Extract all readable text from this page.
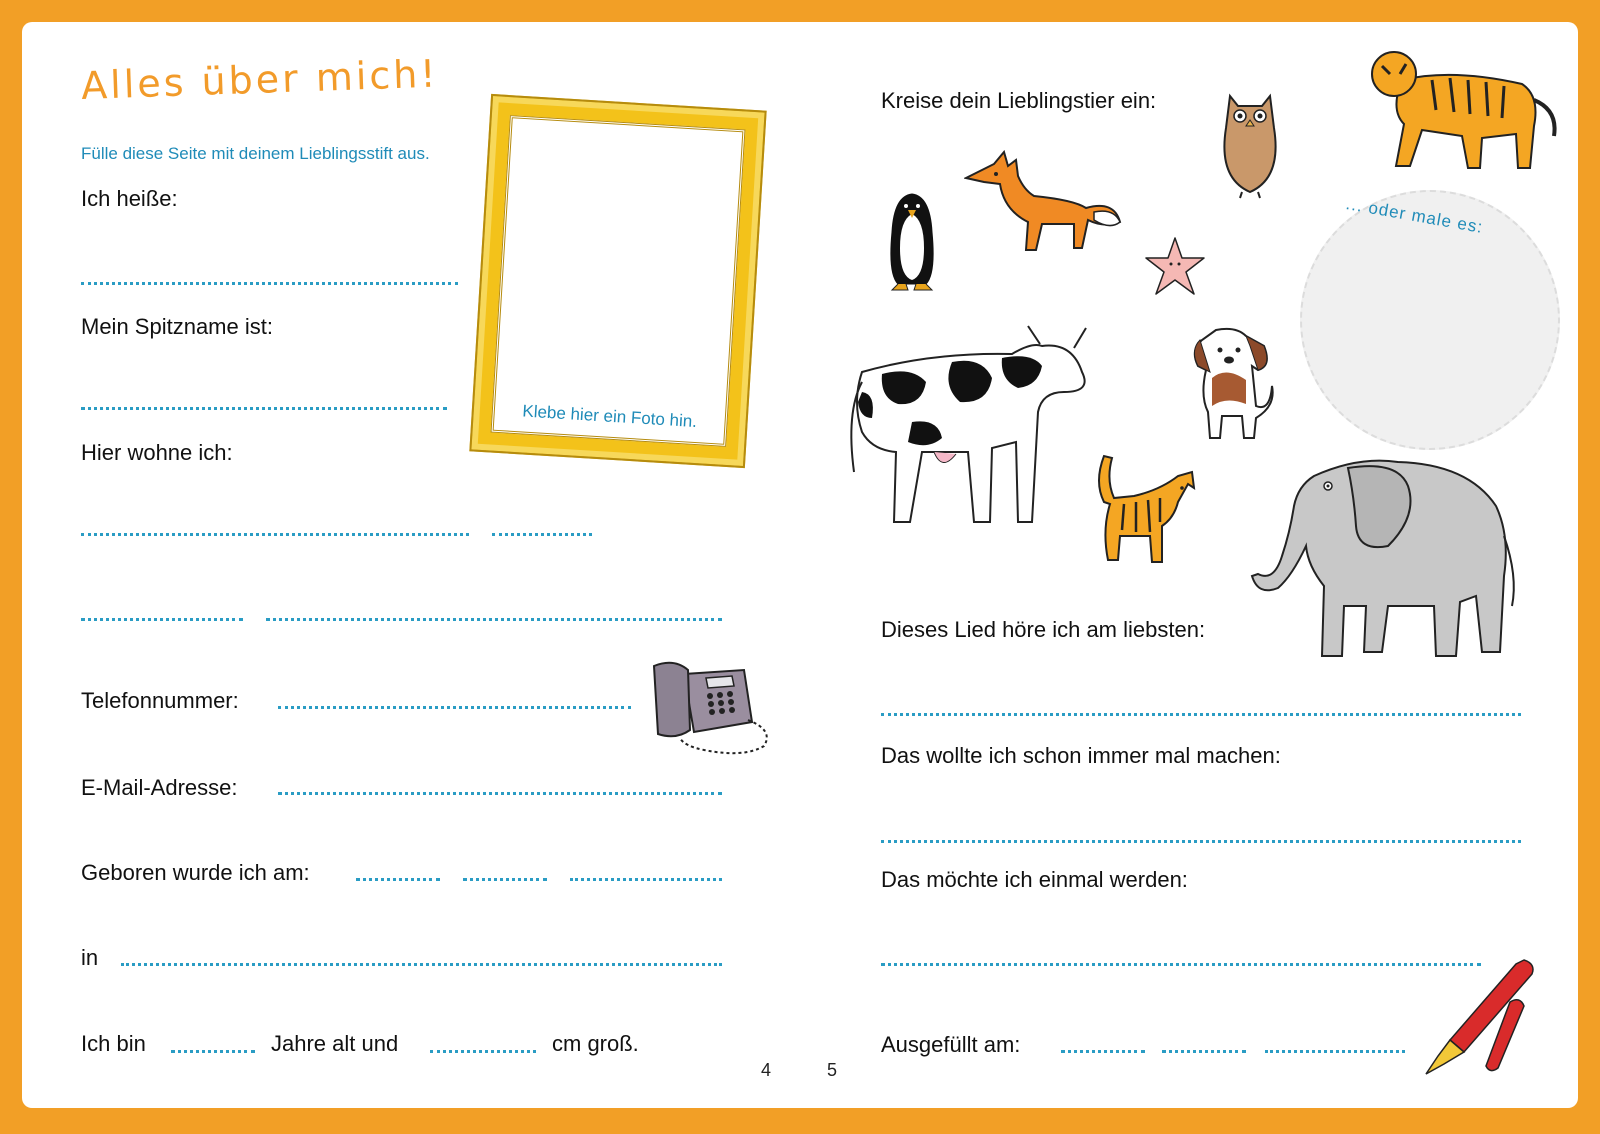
Alles über mich!
Fülle diese Seite mit deinem Lieblingsstift aus.
Klebe hier ein Foto hin.
Ich heiße:
Mein Spitzname ist:
Hier wohne ich:
Telefonnummer:
E-Mail-Adresse:
Geboren wurde ich am:
in
Ich bin	Jahre alt und	cm groß.
4	5
Kreise dein Lieblingstier ein:
... oder male es:
Dieses Lied höre ich am liebsten:
Das wollte ich schon immer mal machen:
Das möchte ich einmal werden:
Ausgefüllt am:
